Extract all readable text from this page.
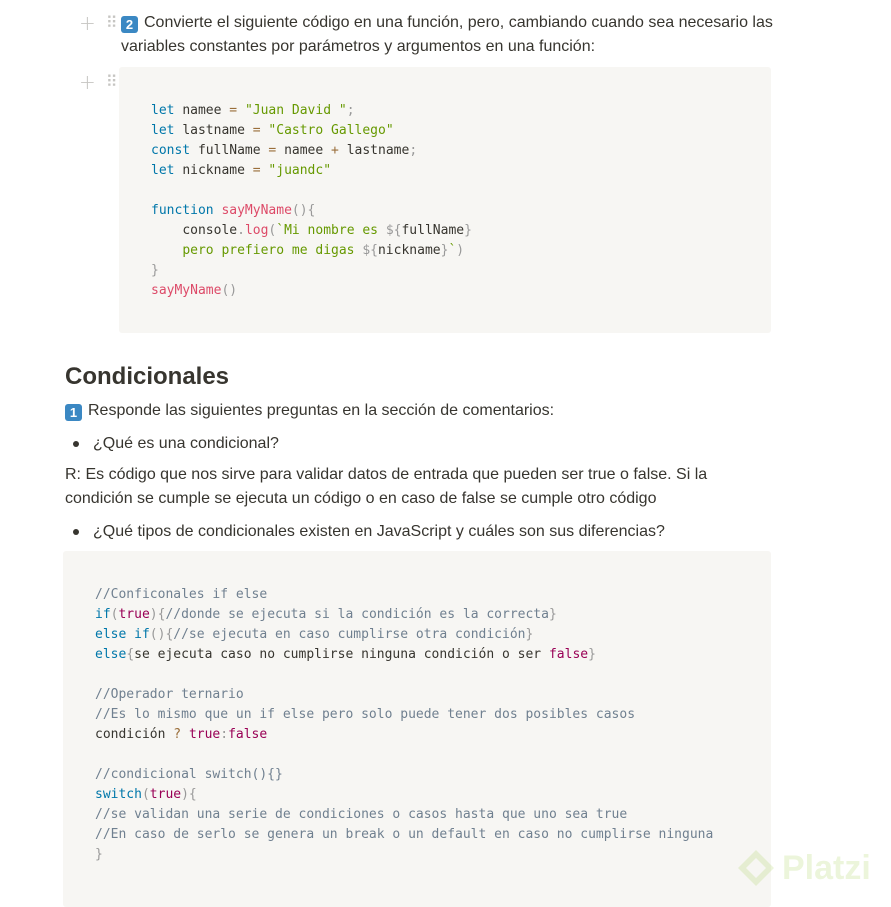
+ ⠿ 2 Convierte el siguiente código en una función, pero, cambiando cuando sea necesario las variables constantes por parámetros y argumentos en una función:
+ ⠿
let namee = "Juan David ";
let lastname = "Castro Gallego"
const fullName = namee + lastname;
let nickname = "juandc"

function sayMyName(){
console.log(`Mi nombre es ${fullName}
pero prefiero me digas ${nickname}`)
}
sayMyName()
Condicionales
1 Responde las siguientes preguntas en la sección de comentarios:
¿Qué es una condicional?
R: Es código que nos sirve para validar datos de entrada que pueden ser true o false. Si la condición se cumple se ejecuta un código o en caso de false se cumple otro código
¿Qué tipos de condicionales existen en JavaScript y cuáles son sus diferencias?
//Conficonales if else
if(true){//donde se ejecuta si la condición es la correcta}
else if(){//se ejecuta en caso cumplirse otra condición}
else{se ejecuta caso no cumplirse ninguna condición o ser false}

//Operador ternario
//Es lo mismo que un if else pero solo puede tener dos posibles casos
condición ? true:false

//condicional switch(){}
switch(true){
//se validan una serie de condiciones o casos hasta que uno sea true
//En caso de serlo se genera un break o un default en caso no cumplirse ninguna
}	Platzi
